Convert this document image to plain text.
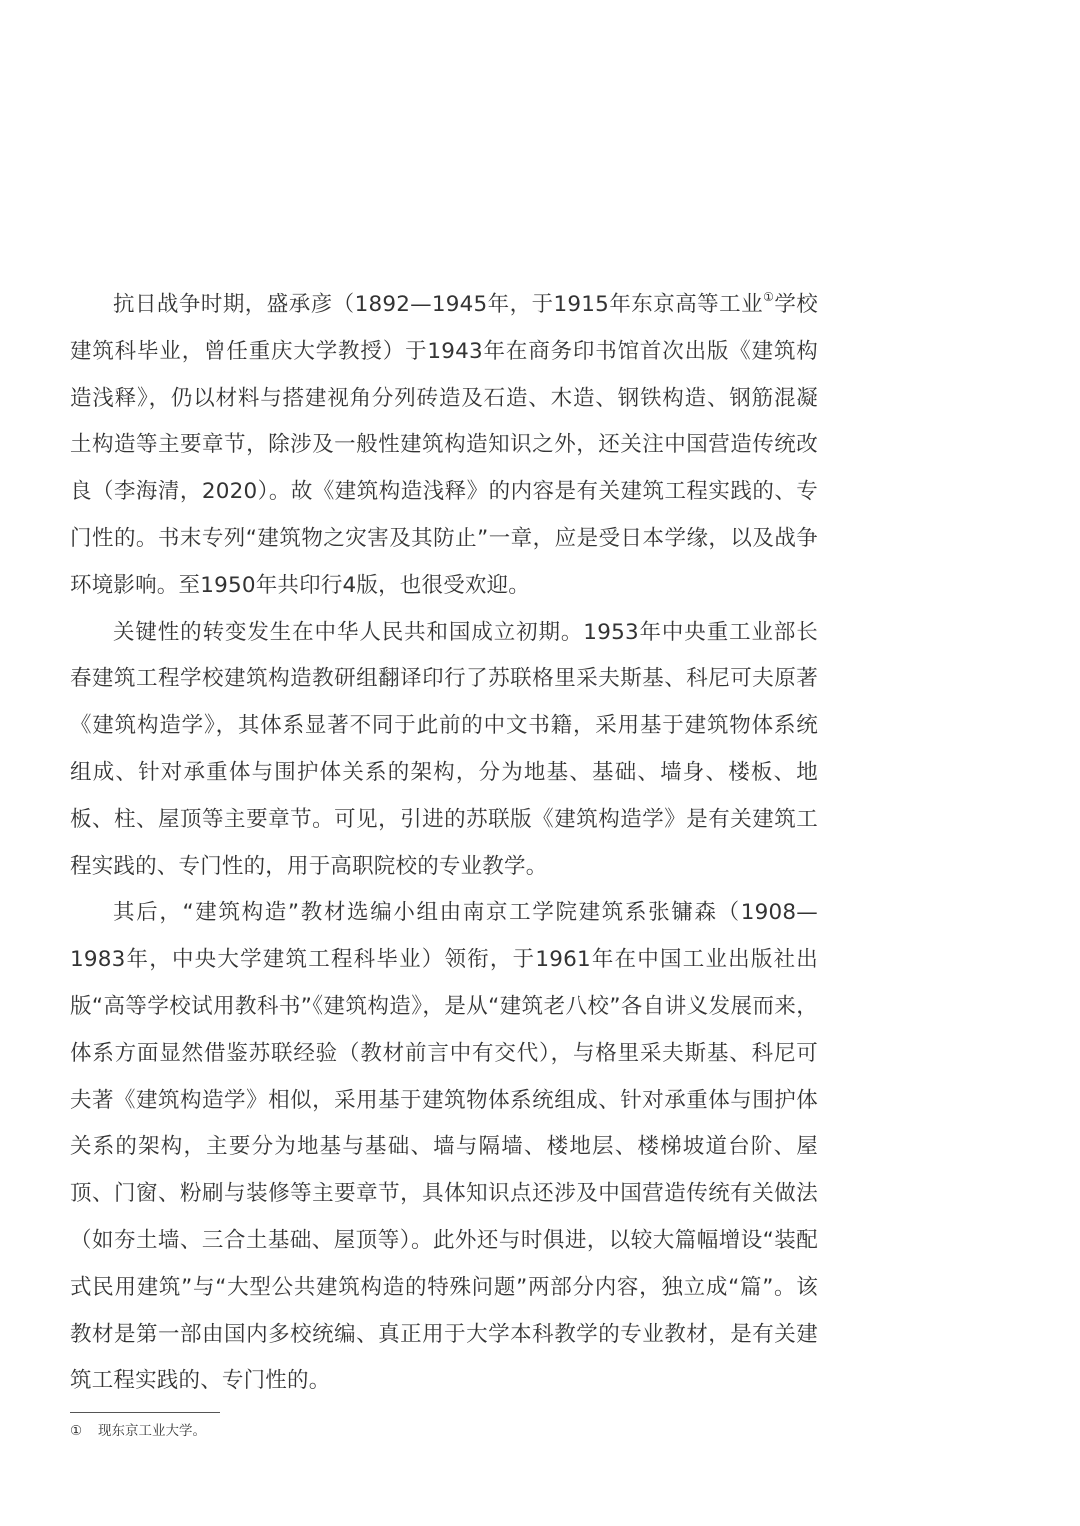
抗日战争时期，盛承彦（1892—1945年，于1915年东京高等工业①学校建筑科毕业，曾任重庆大学教授）于1943年在商务印书馆首次出版《建筑构造浅释》，仍以材料与搭建视角分列砖造及石造、木造、钢铁构造、钢筋混凝土构造等主要章节，除涉及一般性建筑构造知识之外，还关注中国营造传统改良（李海清，2020）。故《建筑构造浅释》的内容是有关建筑工程实践的、专门性的。书末专列“建筑物之灾害及其防止”一章，应是受日本学缘，以及战争环境影响。至1950年共印行4版，也很受欢迎。

关键性的转变发生在中华人民共和国成立初期。1953年中央重工业部长春建筑工程学校建筑构造教研组翻译印行了苏联格里采夫斯基、科尼可夫原著《建筑构造学》，其体系显著不同于此前的中文书籍，采用基于建筑物体系统组成、针对承重体与围护体关系的架构，分为地基、基础、墙身、楼板、地板、柱、屋顶等主要章节。可见，引进的苏联版《建筑构造学》是有关建筑工程实践的、专门性的，用于高职院校的专业教学。

其后，“建筑构造”教材选编小组由南京工学院建筑系张镛森（1908—1983年，中央大学建筑工程科毕业）领衔，于1961年在中国工业出版社出版“高等学校试用教科书”《建筑构造》，是从“建筑老八校”各自讲义发展而来，体系方面显然借鉴苏联经验（教材前言中有交代），与格里采夫斯基、科尼可夫著《建筑构造学》相似，采用基于建筑物体系统组成、针对承重体与围护体关系的架构，主要分为地基与基础、墙与隔墙、楼地层、楼梯坡道台阶、屋顶、门窗、粉刷与装修等主要章节，具体知识点还涉及中国营造传统有关做法（如夯土墙、三合土基础、屋顶等）。此外还与时俱进，以较大篇幅增设“装配式民用建筑”与“大型公共建筑构造的特殊问题”两部分内容，独立成“篇”。该教材是第一部由国内多校统编、真正用于大学本科教学的专业教材，是有关建筑工程实践的、专门性的。

① 现东京工业大学。
